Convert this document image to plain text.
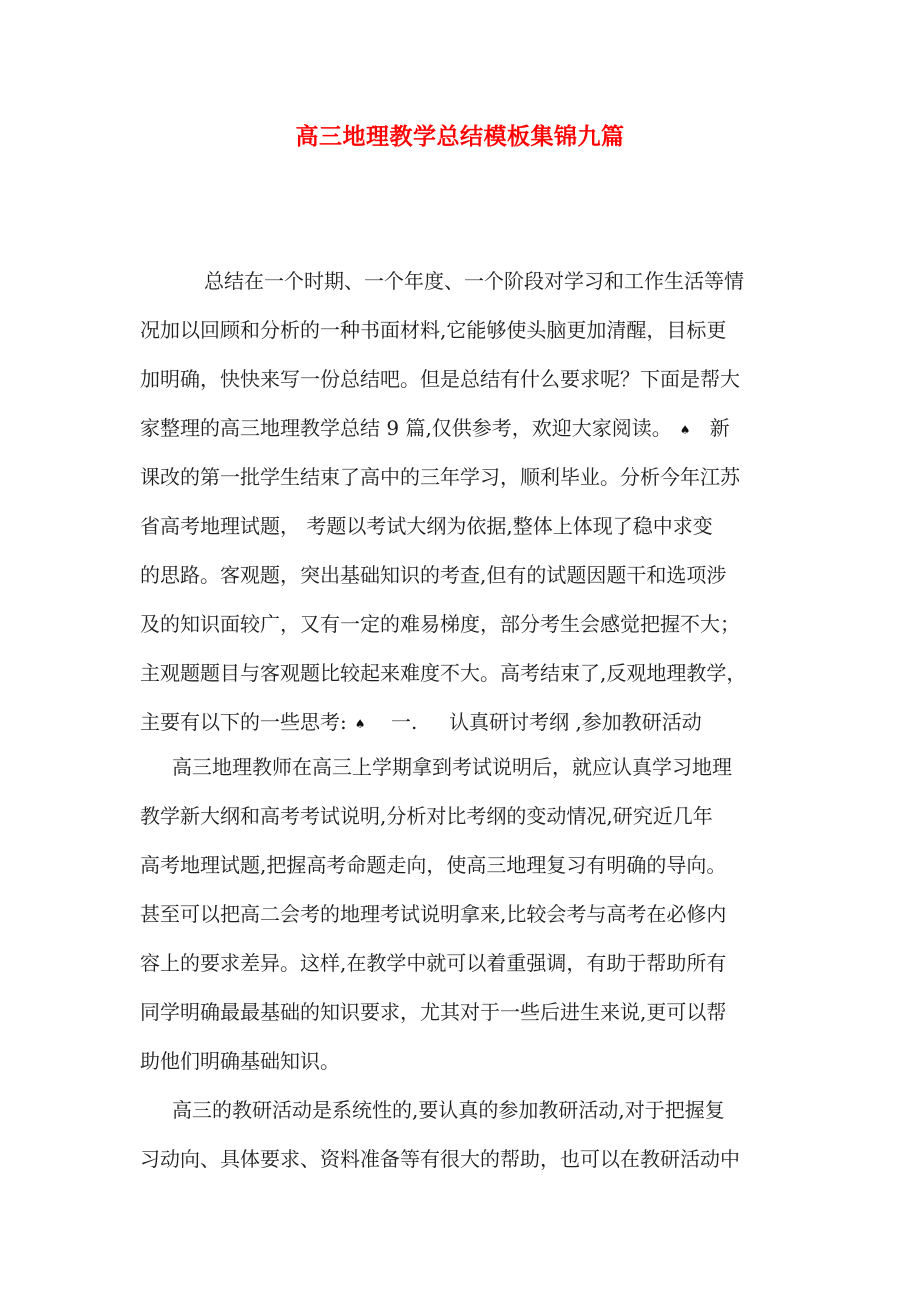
高三地理教学总结模板集锦九篇
总结在一个时期、一个年度、一个阶段对学习和工作生活等情
况加以回顾和分析的一种书面材料,它能够使头脑更加清醒，目标更
加明确，快快来写一份总结吧。但是总结有什么要求呢？下面是帮大
家整理的高三地理教学总结 9 篇,仅供参考，欢迎大家阅读。 ♠   新
课改的第一批学生结束了高中的三年学习，顺利毕业。分析今年江苏
省高考地理试题， 考题以考试大纲为依据,整体上体现了稳中求变
的思路。客观题，突出基础知识的考查,但有的试题因题干和选项涉
及的知识面较广，又有一定的难易梯度，部分考生会感觉把握不大；
主观题题目与客观题比较起来难度不大。高考结束了,反观地理教学，
主要有以下的一些思考: ♠    一.     认真研讨考纲 ,参加教研活动
高三地理教师在高三上学期拿到考试说明后，就应认真学习地理
教学新大纲和高考考试说明,分析对比考纲的变动情况,研究近几年
高考地理试题,把握高考命题走向，使高三地理复习有明确的导向。
甚至可以把高二会考的地理考试说明拿来,比较会考与高考在必修内
容上的要求差异。这样,在教学中就可以着重强调，有助于帮助所有
同学明确最最基础的知识要求，尤其对于一些后进生来说,更可以帮
助他们明确基础知识。
高三的教研活动是系统性的,要认真的参加教研活动,对于把握复
习动向、具体要求、资料准备等有很大的帮助，也可以在教研活动中
